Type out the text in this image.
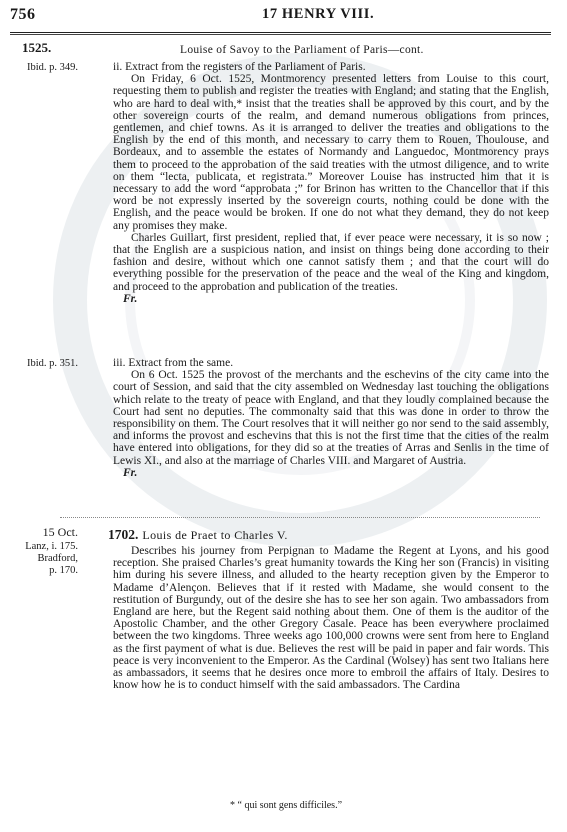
756	17 HENRY VIII.
1525.	Louise of Savoy to the Parliament of Paris—cont.
Ibid. p. 349.	ii. Extract from the registers of the Parliament of Paris.

On Friday, 6 Oct. 1525, Montmorency presented letters from Louise to this court, requesting them to publish and register the treaties with England; and stating that the English, who are hard to deal with,* insist that the treaties shall be approved by this court, and by the other sovereign courts of the realm, and demand numerous obligations from princes, gentlemen, and chief towns. As it is arranged to deliver the treaties and obligations to the English by the end of this month, and necessary to carry them to Rouen, Thoulouse, and Bordeaux, and to assemble the estates of Normandy and Languedoc, Montmorency prays them to proceed to the approbation of the said treaties with the utmost diligence, and to write on them “lecta, publicata, et registrata.” Moreover Louise has instructed him that it is necessary to add the word “approbata ;” for Brinon has written to the Chancellor that if this word be not expressly inserted by the sovereign courts, nothing could be done with the English, and the peace would be broken. If one do not what they demand, they do not keep any promises they make.

Charles Guillart, first president, replied that, if ever peace were necessary, it is so now ; that the English are a suspicious nation, and insist on things being done according to their fashion and desire, without which one cannot satisfy them ; and that the court will do everything possible for the preservation of the peace and the weal of the King and kingdom, and proceed to the approbation and publication of the treaties.

Fr.

Ibid. p. 351.	iii. Extract from the same.

On 6 Oct. 1525 the provost of the merchants and the eschevins of the city came into the court of Session, and said that the city assembled on Wednesday last touching the obligations which relate to the treaty of peace with England, and that they loudly complained because the Court had sent no deputies. The commonalty said that this was done in order to throw the responsibility on them. The Court resolves that it will neither go nor send to the said assembly, and informs the provost and eschevins that this is not the first time that the cities of the realm have entered into obligations, for they did so at the treaties of Arras and Senlis in the time of Lewis XI., and also at the marriage of Charles VIII. and Margaret of Austria.

Fr.

15 Oct.
Lanz, i. 175.
Bradford,
p. 170.
1702. Louis de Praet to Charles V.

Describes his journey from Perpignan to Madame the Regent at Lyons, and his good reception. She praised Charles’s great humanity towards the King her son (Francis) in visiting him during his severe illness, and alluded to the hearty reception given by the Emperor to Madame d’Alençon. Believes that if it rested with Madame, she would consent to the restitution of Burgundy, out of the desire she has to see her son again. Two ambassadors from England are here, but the Regent said nothing about them. One of them is the auditor of the Apostolic Chamber, and the other Gregory Casale. Peace has been everywhere proclaimed between the two kingdoms. Three weeks ago 100,000 crowns were sent from here to England as the first payment of what is due. Believes the rest will be paid in paper and fair words. This peace is very inconvenient to the Emperor. As the Cardinal (Wolsey) has sent two Italians here as ambassadors, it seems that he desires once more to embroil the affairs of Italy. Desires to know how he is to conduct himself with the said ambassadors. The Cardina

* “ qui sont gens difficiles.”
